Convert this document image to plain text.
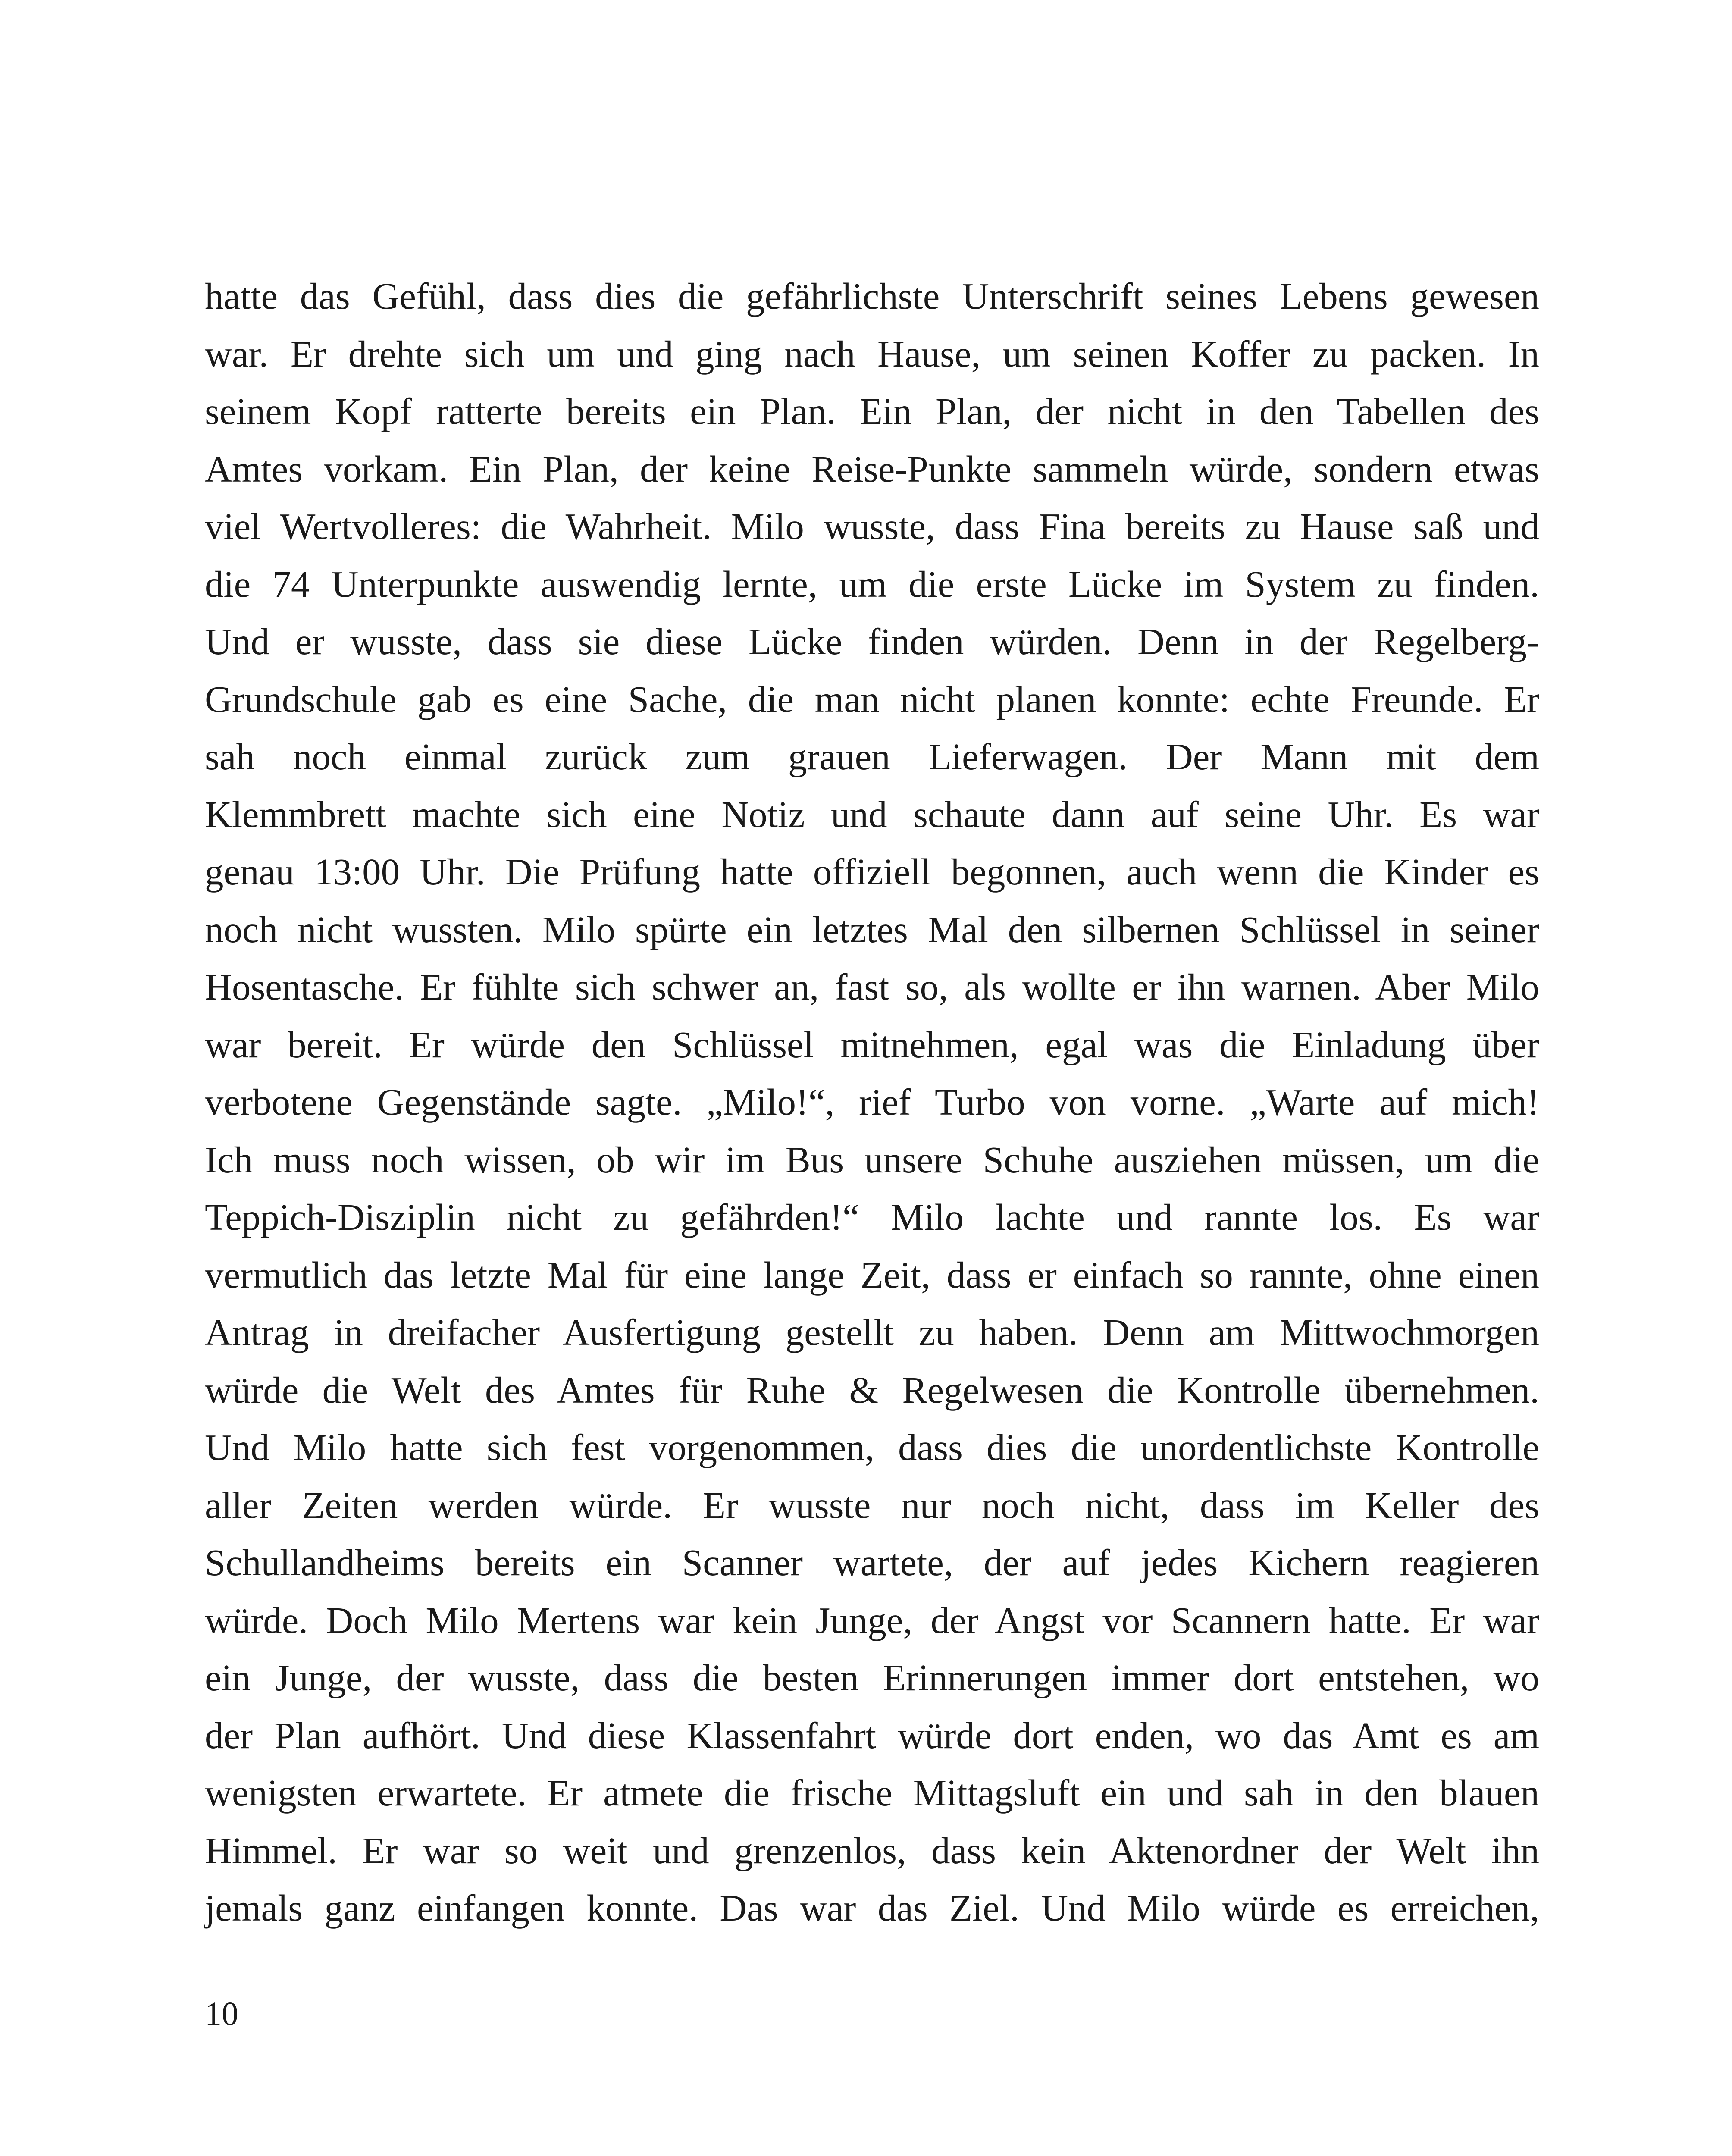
hatte das Gefühl, dass dies die gefährlichste Unterschrift seines Lebens gewesen
war. Er drehte sich um und ging nach Hause, um seinen Koffer zu packen. In
seinem Kopf ratterte bereits ein Plan. Ein Plan, der nicht in den Tabellen des
Amtes vorkam. Ein Plan, der keine Reise-Punkte sammeln würde, sondern etwas
viel Wertvolleres: die Wahrheit. Milo wusste, dass Fina bereits zu Hause saß und
die 74 Unterpunkte auswendig lernte, um die erste Lücke im System zu finden.
Und er wusste, dass sie diese Lücke finden würden. Denn in der Regelberg-
Grundschule gab es eine Sache, die man nicht planen konnte: echte Freunde. Er
sah noch einmal zurück zum grauen Lieferwagen. Der Mann mit dem
Klemmbrett machte sich eine Notiz und schaute dann auf seine Uhr. Es war
genau 13:00 Uhr. Die Prüfung hatte offiziell begonnen, auch wenn die Kinder es
noch nicht wussten. Milo spürte ein letztes Mal den silbernen Schlüssel in seiner
Hosentasche. Er fühlte sich schwer an, fast so, als wollte er ihn warnen. Aber Milo
war bereit. Er würde den Schlüssel mitnehmen, egal was die Einladung über
verbotene Gegenstände sagte. „Milo!“, rief Turbo von vorne. „Warte auf mich!
Ich muss noch wissen, ob wir im Bus unsere Schuhe ausziehen müssen, um die
Teppich-Disziplin nicht zu gefährden!“ Milo lachte und rannte los. Es war
vermutlich das letzte Mal für eine lange Zeit, dass er einfach so rannte, ohne einen
Antrag in dreifacher Ausfertigung gestellt zu haben. Denn am Mittwochmorgen
würde die Welt des Amtes für Ruhe & Regelwesen die Kontrolle übernehmen.
Und Milo hatte sich fest vorgenommen, dass dies die unordentlichste Kontrolle
aller Zeiten werden würde. Er wusste nur noch nicht, dass im Keller des
Schullandheims bereits ein Scanner wartete, der auf jedes Kichern reagieren
würde. Doch Milo Mertens war kein Junge, der Angst vor Scannern hatte. Er war
ein Junge, der wusste, dass die besten Erinnerungen immer dort entstehen, wo
der Plan aufhört. Und diese Klassenfahrt würde dort enden, wo das Amt es am
wenigsten erwartete. Er atmete die frische Mittagsluft ein und sah in den blauen
Himmel. Er war so weit und grenzenlos, dass kein Aktenordner der Welt ihn
jemals ganz einfangen konnte. Das war das Ziel. Und Milo würde es erreichen,
10
